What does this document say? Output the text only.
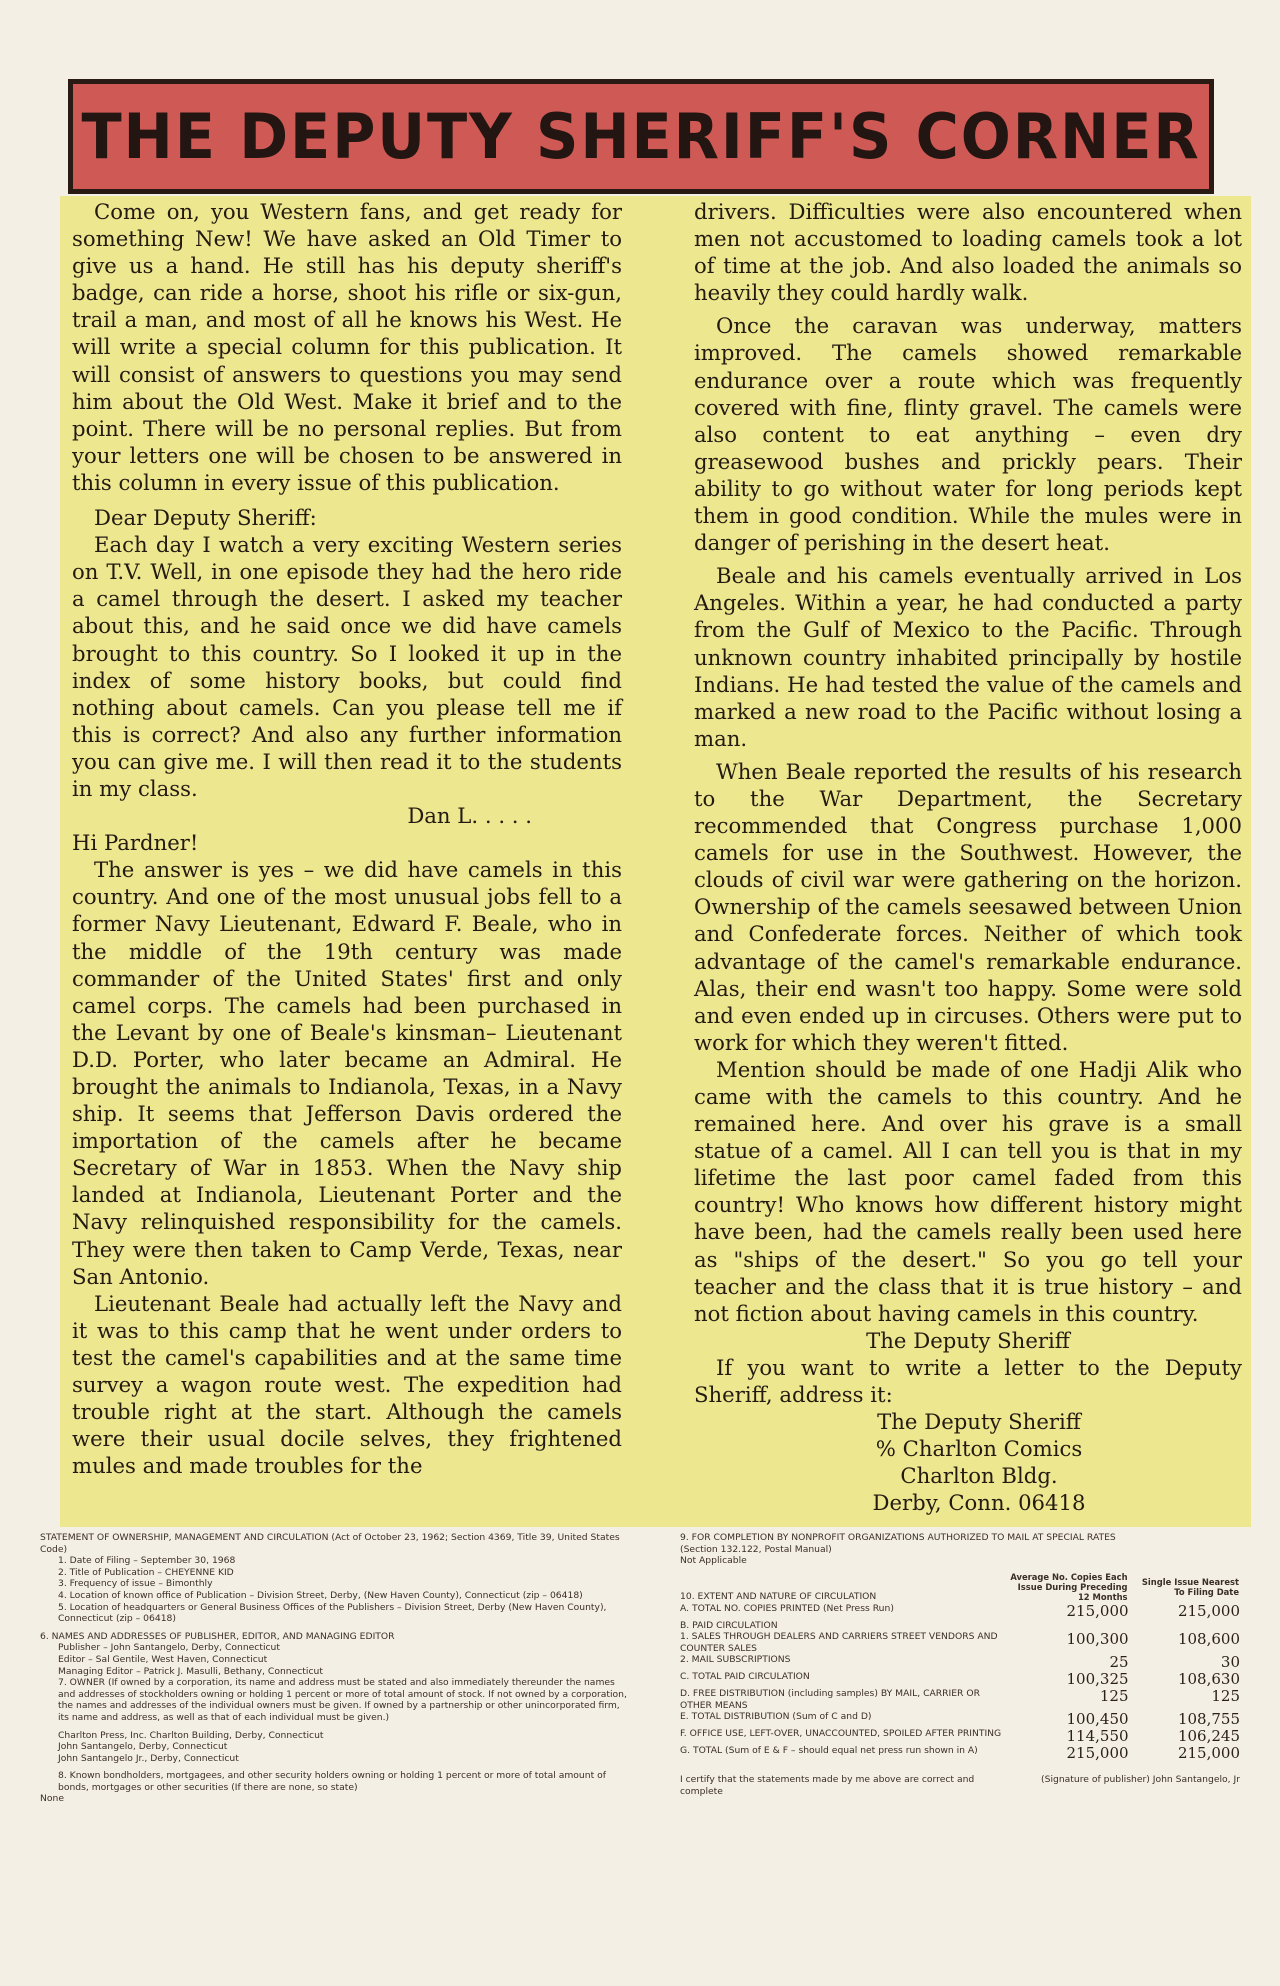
THE DEPUTY SHERIFF'S CORNER

Come on, you Western fans, and get ready for something New! We have asked an Old Timer to give us a hand. He still has his deputy sheriff's badge, can ride a horse, shoot his rifle or six-gun, trail a man, and most of all he knows his West. He will write a special column for this publication. It will consist of answers to questions you may send him about the Old West. Make it brief and to the point. There will be no personal replies. But from your letters one will be chosen to be answered in this column in every issue of this publication.

Dear Deputy Sheriff:

Each day I watch a very exciting Western series on T.V. Well, in one episode they had the hero ride a camel through the desert. I asked my teacher about this, and he said once we did have camels brought to this country. So I looked it up in the index of some history books, but could find nothing about camels. Can you please tell me if this is correct? And also any further information you can give me. I will then read it to the students in my class.

Dan L. . . . .

Hi Pardner!

The answer is yes – we did have camels in this country. And one of the most unusual jobs fell to a former Navy Lieutenant, Edward F. Beale, who in the middle of the 19th century was made commander of the United States' first and only camel corps. The camels had been purchased in the Levant by one of Beale's kinsman– Lieutenant D.D. Porter, who later became an Admiral. He brought the animals to Indianola, Texas, in a Navy ship. It seems that Jefferson Davis ordered the importation of the camels after he became Secretary of War in 1853. When the Navy ship landed at Indianola, Lieutenant Porter and the Navy relinquished responsibility for the camels. They were then taken to Camp Verde, Texas, near San Antonio.

Lieutenant Beale had actually left the Navy and it was to this camp that he went under orders to test the camel's capabilities and at the same time survey a wagon route west. The expedition had trouble right at the start. Although the camels were their usual docile selves, they frightened mules and made troubles for the

drivers. Difficulties were also encountered when men not accustomed to loading camels took a lot of time at the job. And also loaded the animals so heavily they could hardly walk.

Once the caravan was underway, matters improved. The camels showed remarkable endurance over a route which was frequently covered with fine, flinty gravel. The camels were also content to eat anything – even dry greasewood bushes and prickly pears. Their ability to go without water for long periods kept them in good condition. While the mules were in danger of perishing in the desert heat.

Beale and his camels eventually arrived in Los Angeles. Within a year, he had conducted a party from the Gulf of Mexico to the Pacific. Through unknown country inhabited principally by hostile Indians. He had tested the value of the camels and marked a new road to the Pacific without losing a man.

When Beale reported the results of his research to the War Department, the Secretary recommended that Congress purchase 1,000 camels for use in the Southwest. However, the clouds of civil war were gathering on the horizon. Ownership of the camels seesawed between Union and Confederate forces. Neither of which took advantage of the camel's remarkable endurance. Alas, their end wasn't too happy. Some were sold and even ended up in circuses. Others were put to work for which they weren't fitted.

Mention should be made of one Hadji Alik who came with the camels to this country. And he remained here. And over his grave is a small statue of a camel. All I can tell you is that in my lifetime the last poor camel faded from this country! Who knows how different history might have been, had the camels really been used here as "ships of the desert." So you go tell your teacher and the class that it is true history – and not fiction about having camels in this country.

The Deputy Sheriff

If you want to write a letter to the Deputy Sheriff, address it:

The Deputy Sheriff

% Charlton Comics

Charlton Bldg.

Derby, Conn. 06418

STATEMENT OF OWNERSHIP, MANAGEMENT AND CIRCULATION (Act of October 23, 1962; Section 4369, Title 39, United States Code)

1. Date of Filing – September 30, 1968

2. Title of Publication – CHEYENNE KID

3. Frequency of issue – Bimonthly

4. Location of known office of Publication – Division Street, Derby, (New Haven County), Connecticut (zip – 06418)

5. Location of headquarters or General Business Offices of the Publishers – Division Street, Derby (New Haven County), Connecticut (zip – 06418)

6. NAMES AND ADDRESSES OF PUBLISHER, EDITOR, AND MANAGING EDITOR

Publisher – John Santangelo, Derby, Connecticut

Editor – Sal Gentile, West Haven, Connecticut

Managing Editor – Patrick J. Masulli, Bethany, Connecticut

7. OWNER (If owned by a corporation, its name and address must be stated and also immediately thereunder the names and addresses of stockholders owning or holding 1 percent or more of total amount of stock. If not owned by a corporation, the names and addresses of the individual owners must be given. If owned by a partnership or other unincorporated firm, its name and address, as well as that of each individual must be given.)

Charlton Press, Inc. Charlton Building, Derby, Connecticut

John Santangelo, Derby, Connecticut

John Santangelo Jr., Derby, Connecticut

8. Known bondholders, mortgagees, and other security holders owning or holding 1 percent or more of total amount of bonds, mortgages or other securities (If there are none, so state)

None

9. FOR COMPLETION BY NONPROFIT ORGANIZATIONS AUTHORIZED TO MAIL AT SPECIAL RATES

(Section 132.122, Postal Manual)

Not Applicable

10. EXTENT AND NATURE OF CIRCULATION	Average No. Copies Each Issue During Preceding 12 Months	Single Issue Nearest To Filing Date
A. TOTAL NO. COPIES PRINTED (Net Press Run)	215,000	215,000
B. PAID CIRCULATION		
1. SALES THROUGH DEALERS AND CARRIERS STREET VENDORS AND COUNTER SALES	100,300	108,600
2. MAIL SUBSCRIPTIONS	25	30
C. TOTAL PAID CIRCULATION	100,325	108,630
D. FREE DISTRIBUTION (including samples) BY MAIL, CARRIER OR OTHER MEANS	125	125
E. TOTAL DISTRIBUTION (Sum of C and D)	100,450	108,755
F. OFFICE USE, LEFT-OVER, UNACCOUNTED, SPOILED AFTER PRINTING	114,550	106,245
G. TOTAL (Sum of E & F – should equal net press run shown in A)	215,000	215,000
I certify that the statements made by me above are correct and complete
(Signature of publisher) John Santangelo, Jr
